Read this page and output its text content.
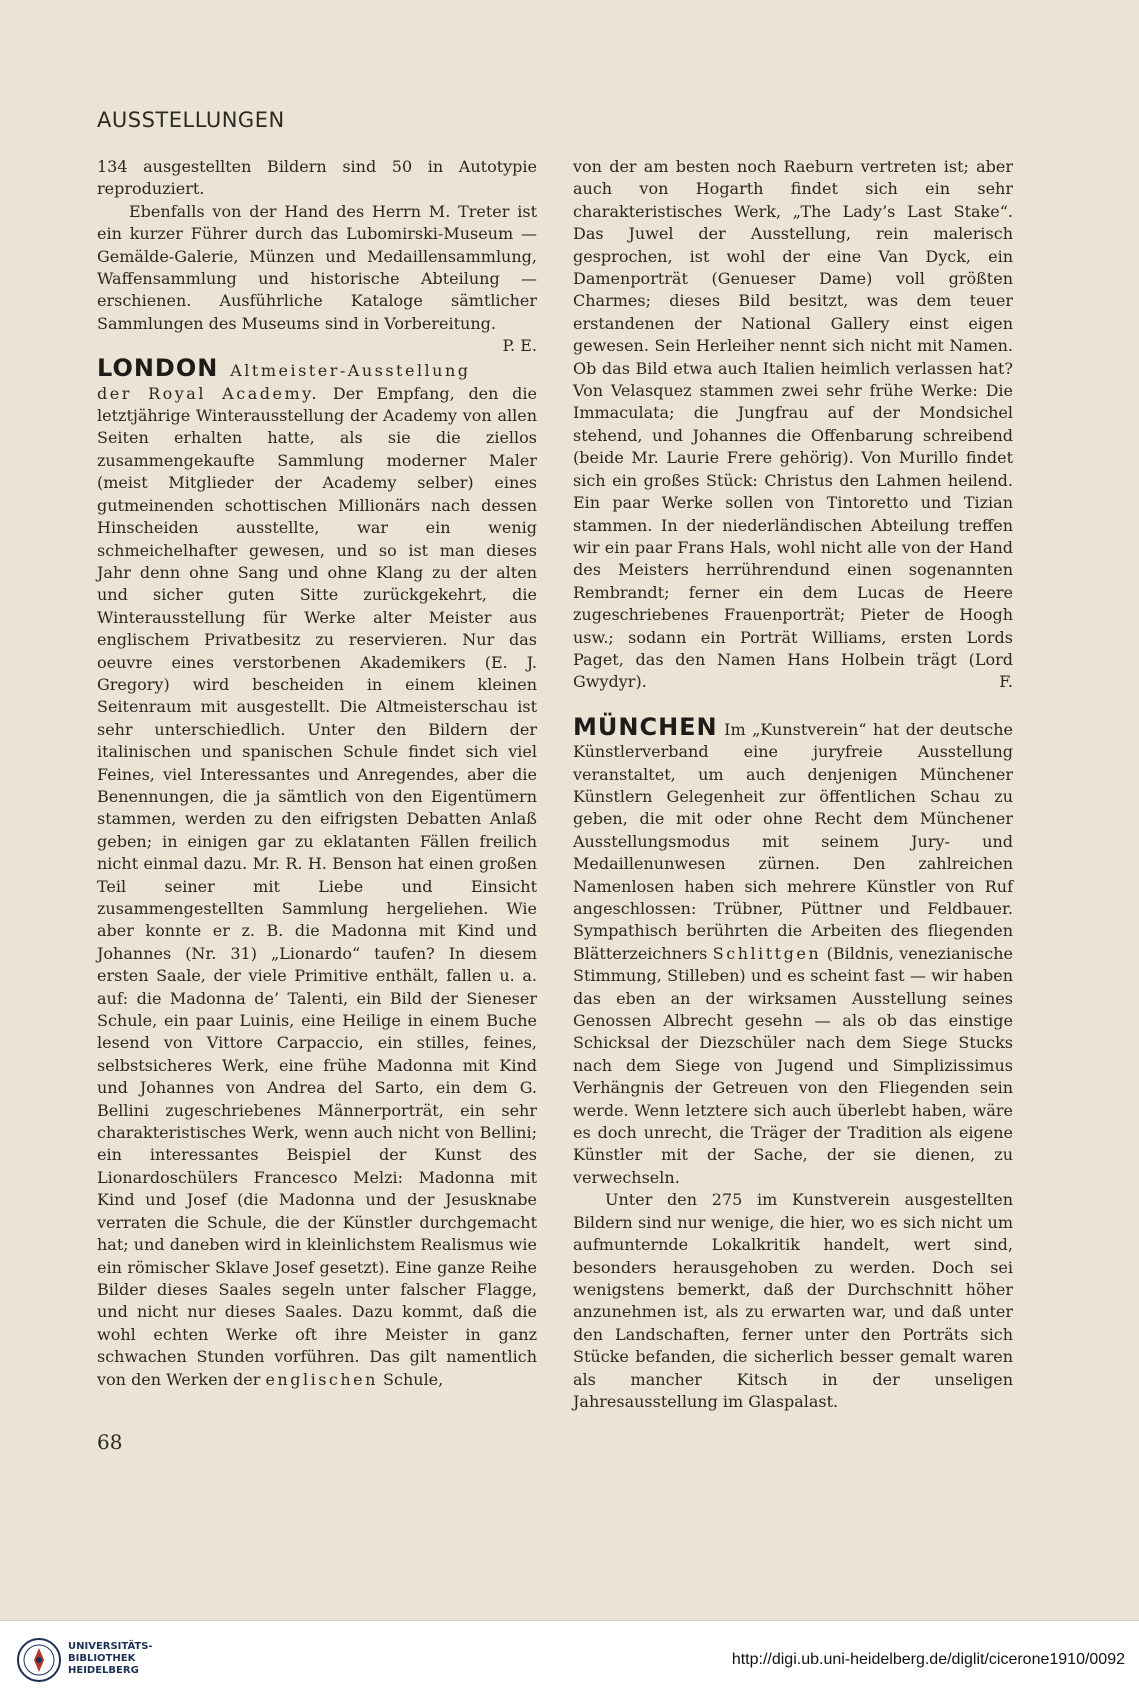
AUSSTELLUNGEN

134 ausgestellten Bildern sind 50 in Autotypie reproduziert.

Ebenfalls von der Hand des Herrn M. Treter ist ein kurzer Führer durch das Lubomirski-Museum — Gemälde-Galerie, Münzen und Medaillensammlung, Waffensammlung und historische Abteilung — erschienen. Ausführliche Kataloge sämtlicher Sammlungen des Museums sind in Vorbereitung.
P. E.

LONDON Altmeister-Ausstellung der Royal Academy. Der Empfang, den die letztjährige Winterausstellung der Academy von allen Seiten erhalten hatte, als sie die ziellos zusammengekaufte Sammlung moderner Maler (meist Mitglieder der Academy selber) eines gutmeinenden schottischen Millionärs nach dessen Hinscheiden ausstellte, war ein wenig schmeichelhafter gewesen, und so ist man dieses Jahr denn ohne Sang und ohne Klang zu der alten und sicher guten Sitte zurückgekehrt, die Winterausstellung für Werke alter Meister aus englischem Privatbesitz zu reservieren. Nur das oeuvre eines verstorbenen Akademikers (E. J. Gregory) wird bescheiden in einem kleinen Seitenraum mit ausgestellt. Die Altmeisterschau ist sehr unterschiedlich. Unter den Bildern der italinischen und spanischen Schule findet sich viel Feines, viel Interessantes und Anregendes, aber die Benennungen, die ja sämtlich von den Eigentümern stammen, werden zu den eifrigsten Debatten Anlaß geben; in einigen gar zu eklatanten Fällen freilich nicht einmal dazu. Mr. R. H. Benson hat einen großen Teil seiner mit Liebe und Einsicht zusammengestellten Sammlung hergeliehen. Wie aber konnte er z. B. die Madonna mit Kind und Johannes (Nr. 31) „Lionardo“ taufen? In diesem ersten Saale, der viele Primitive enthält, fallen u. a. auf: die Madonna de’ Talenti, ein Bild der Sieneser Schule, ein paar Luinis, eine Heilige in einem Buche lesend von Vittore Carpaccio, ein stilles, feines, selbstsicheres Werk, eine frühe Madonna mit Kind und Johannes von Andrea del Sarto, ein dem G. Bellini zugeschriebenes Männerporträt, ein sehr charakteristisches Werk, wenn auch nicht von Bellini; ein interessantes Beispiel der Kunst des Lionardoschülers Francesco Melzi: Madonna mit Kind und Josef (die Madonna und der Jesusknabe verraten die Schule, die der Künstler durchgemacht hat; und daneben wird in kleinlichstem Realismus wie ein römischer Sklave Josef gesetzt). Eine ganze Reihe Bilder dieses Saales segeln unter falscher Flagge, und nicht nur dieses Saales. Dazu kommt, daß die wohl echten Werke oft ihre Meister in ganz schwachen Stunden vorführen. Das gilt namentlich von den Werken der englischen Schule,

von der am besten noch Raeburn vertreten ist; aber auch von Hogarth findet sich ein sehr charakteristisches Werk, „The Lady’s Last Stake“. Das Juwel der Ausstellung, rein malerisch gesprochen, ist wohl der eine Van Dyck, ein Damenporträt (Genueser Dame) voll größten Charmes; dieses Bild besitzt, was dem teuer erstandenen der National Gallery einst eigen gewesen. Sein Herleiher nennt sich nicht mit Namen. Ob das Bild etwa auch Italien heimlich verlassen hat? Von Velasquez stammen zwei sehr frühe Werke: Die Immaculata; die Jungfrau auf der Mondsichel stehend, und Johannes die Offenbarung schreibend (beide Mr. Laurie Frere gehörig). Von Murillo findet sich ein großes Stück: Christus den Lahmen heilend. Ein paar Werke sollen von Tintoretto und Tizian stammen. In der niederländischen Abteilung treffen wir ein paar Frans Hals, wohl nicht alle von der Hand des Meisters herrührendund einen sogenannten Rembrandt; ferner ein dem Lucas de Heere zugeschriebenes Frauenporträt; Pieter de Hoogh usw.; sodann ein Porträt Williams, ersten Lords Paget, das den Namen Hans Holbein trägt (Lord Gwydyr).	F.

MÜNCHEN Im „Kunstverein“ hat der deutsche Künstlerverband eine juryfreie Ausstellung veranstaltet, um auch denjenigen Münchener Künstlern Gelegenheit zur öffentlichen Schau zu geben, die mit oder ohne Recht dem Münchener Ausstellungsmodus mit seinem Jury- und Medaillenunwesen zürnen. Den zahlreichen Namenlosen haben sich mehrere Künstler von Ruf angeschlossen: Trübner, Püttner und Feldbauer. Sympathisch berührten die Arbeiten des fliegenden Blätterzeichners Schlittgen (Bildnis, venezianische Stimmung, Stilleben) und es scheint fast — wir haben das eben an der wirksamen Ausstellung seines Genossen Albrecht gesehn — als ob das einstige Schicksal der Diezschüler nach dem Siege Stucks nach dem Siege von Jugend und Simplizissimus Verhängnis der Getreuen von den Fliegenden sein werde. Wenn letztere sich auch überlebt haben, wäre es doch unrecht, die Träger der Tradition als eigene Künstler mit der Sache, der sie dienen, zu verwechseln.

Unter den 275 im Kunstverein ausgestellten Bildern sind nur wenige, die hier, wo es sich nicht um aufmunternde Lokalkritik handelt, wert sind, besonders herausgehoben zu werden. Doch sei wenigstens bemerkt, daß der Durchschnitt höher anzunehmen ist, als zu erwarten war, und daß unter den Landschaften, ferner unter den Porträts sich Stücke befanden, die sicherlich besser gemalt waren als mancher Kitsch in der unseligen Jahresausstellung im Glaspalast.

68
UNIVERSITÄTS-
BIBLIOTHEK
HEIDELBERG
http://digi.ub.uni-heidelberg.de/diglit/cicerone1910/0092
